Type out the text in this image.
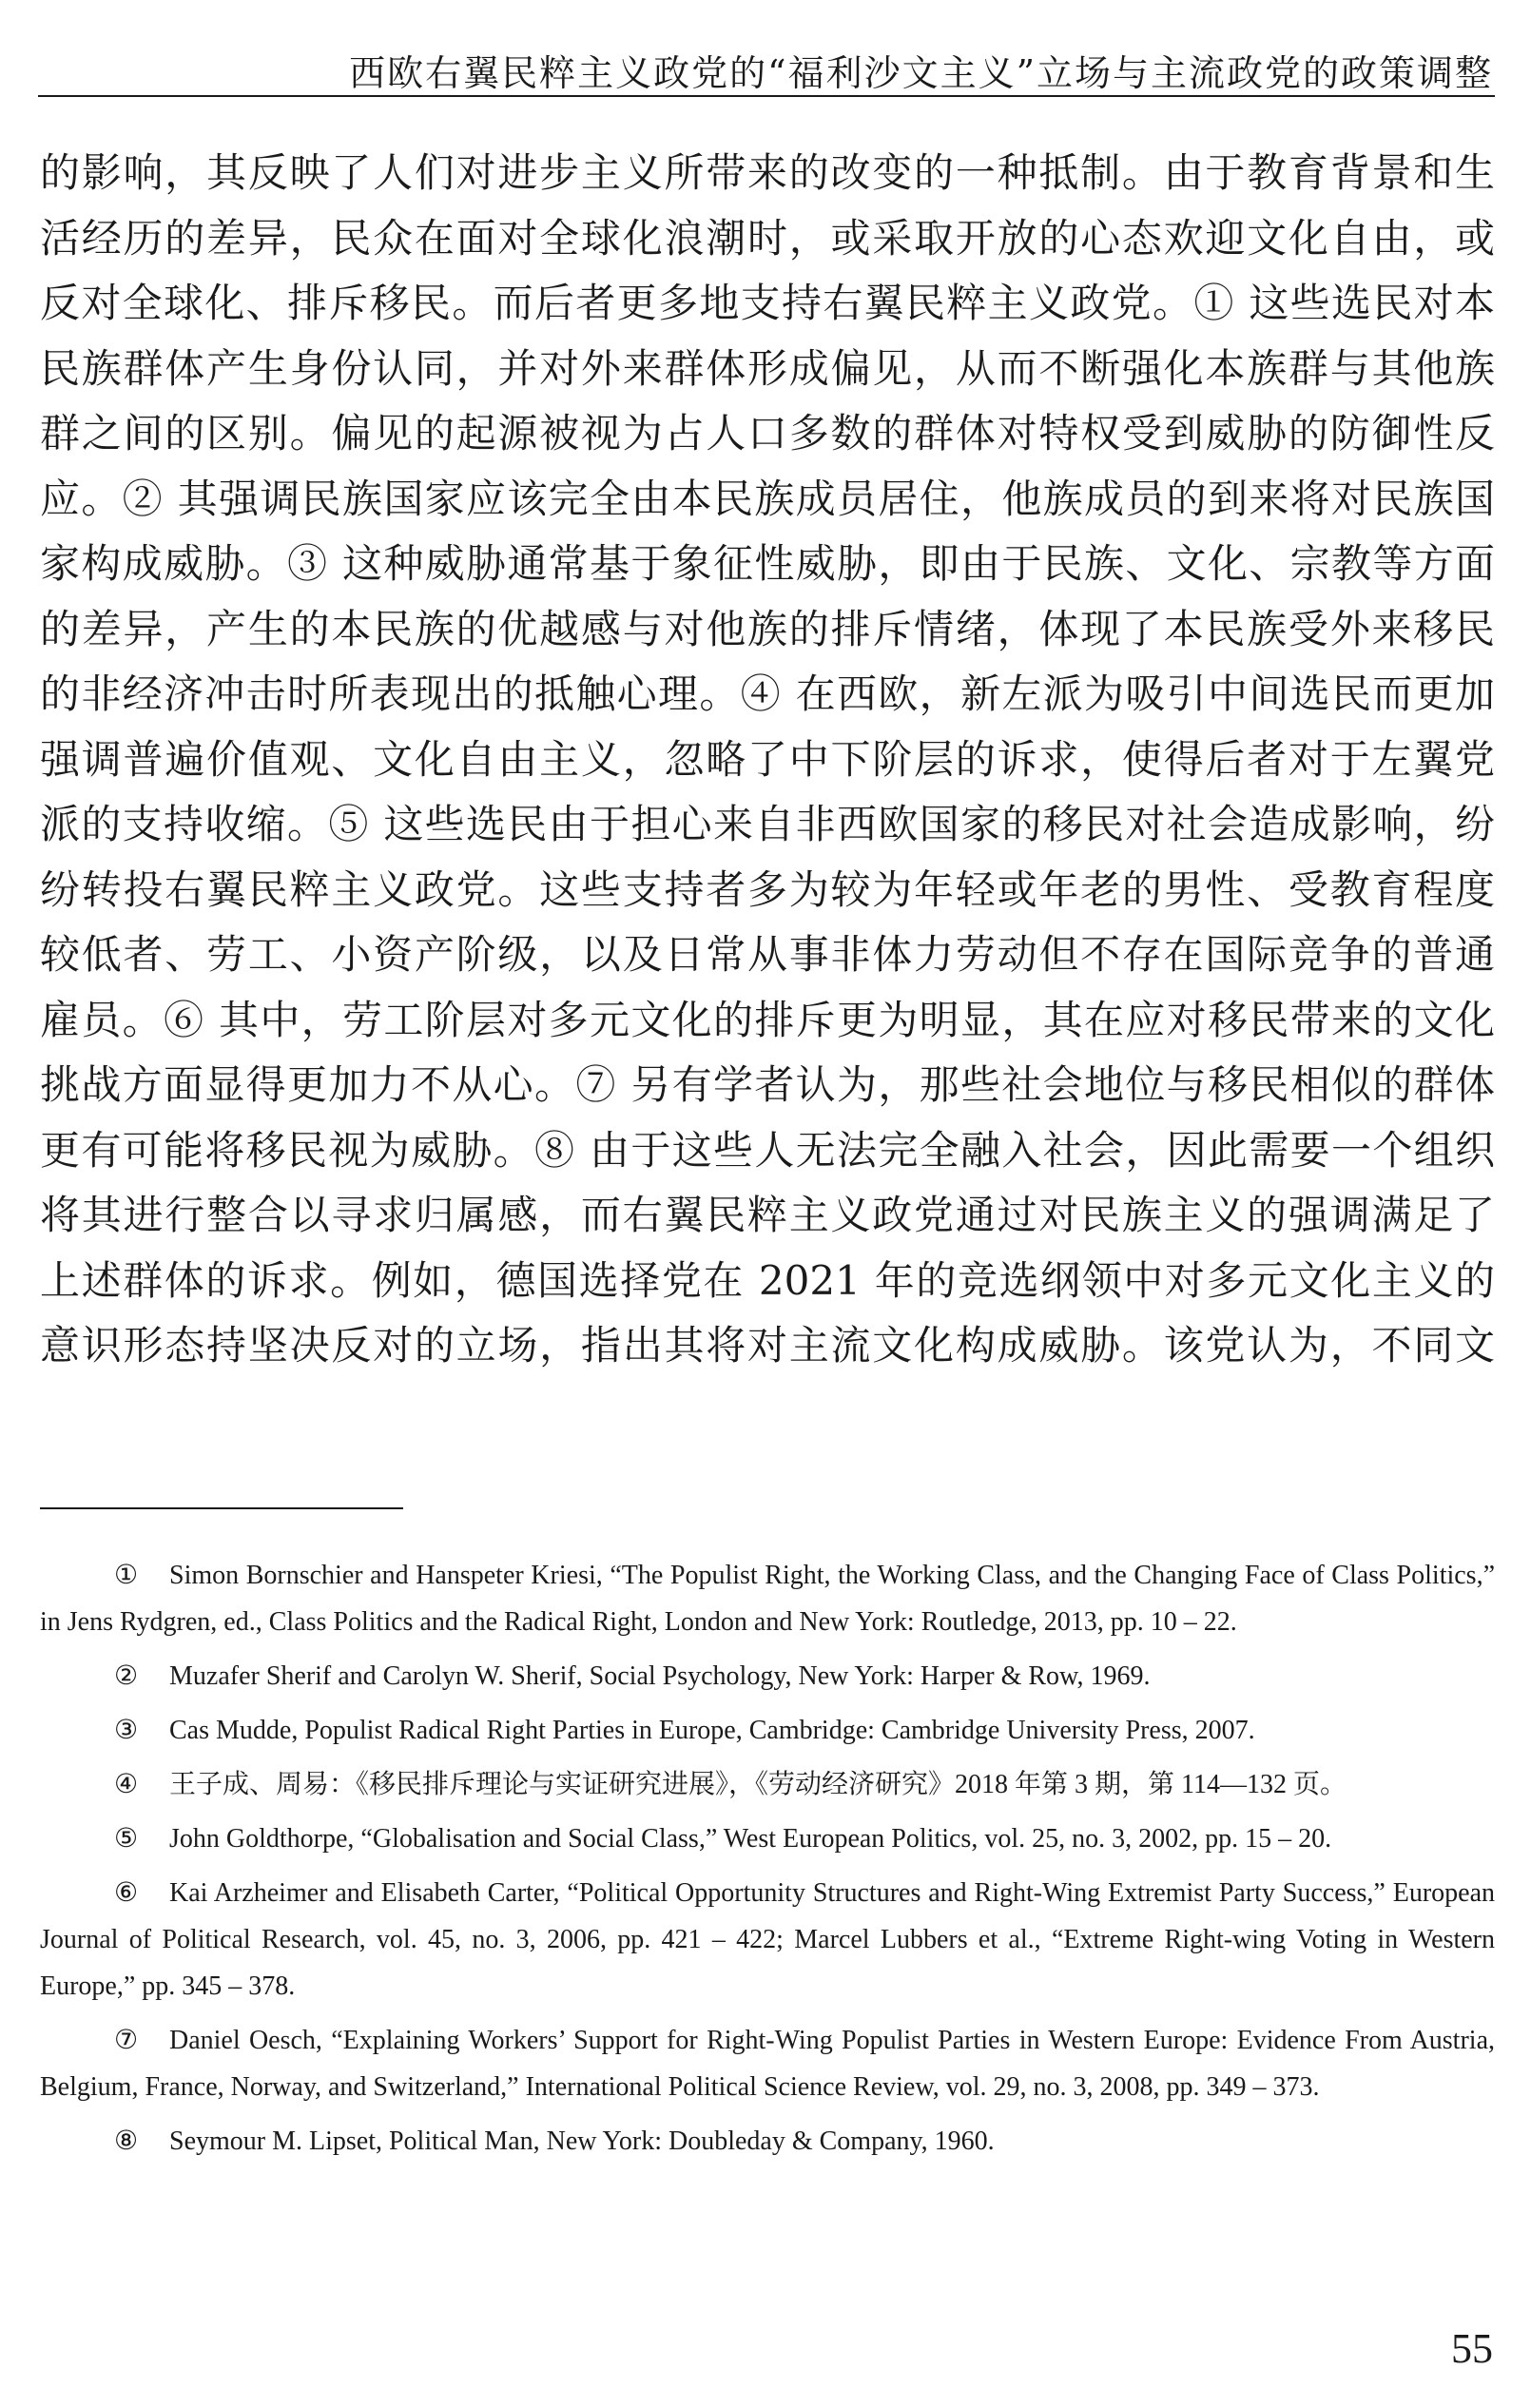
西欧右翼民粹主义政党的“福利沙文主义”立场与主流政党的政策调整
的影响，其反映了人们对进步主义所带来的改变的一种抵制。由于教育背景和生
活经历的差异，民众在面对全球化浪潮时，或采取开放的心态欢迎文化自由，或
反对全球化、排斥移民。而后者更多地支持右翼民粹主义政党。① 这些选民对本
民族群体产生身份认同，并对外来群体形成偏见，从而不断强化本族群与其他族
群之间的区别。偏见的起源被视为占人口多数的群体对特权受到威胁的防御性反
应。② 其强调民族国家应该完全由本民族成员居住，他族成员的到来将对民族国
家构成威胁。③ 这种威胁通常基于象征性威胁，即由于民族、文化、宗教等方面
的差异，产生的本民族的优越感与对他族的排斥情绪，体现了本民族受外来移民
的非经济冲击时所表现出的抵触心理。④ 在西欧，新左派为吸引中间选民而更加
强调普遍价值观、文化自由主义，忽略了中下阶层的诉求，使得后者对于左翼党
派的支持收缩。⑤ 这些选民由于担心来自非西欧国家的移民对社会造成影响，纷
纷转投右翼民粹主义政党。这些支持者多为较为年轻或年老的男性、受教育程度
较低者、劳工、小资产阶级，以及日常从事非体力劳动但不存在国际竞争的普通
雇员。⑥ 其中，劳工阶层对多元文化的排斥更为明显，其在应对移民带来的文化
挑战方面显得更加力不从心。⑦ 另有学者认为，那些社会地位与移民相似的群体
更有可能将移民视为威胁。⑧ 由于这些人无法完全融入社会，因此需要一个组织
将其进行整合以寻求归属感，而右翼民粹主义政党通过对民族主义的强调满足了
上述群体的诉求。例如，德国选择党在 2021 年的竞选纲领中对多元文化主义的
意识形态持坚决反对的立场，指出其将对主流文化构成威胁。该党认为，不同文

① Simon Bornschier and Hanspeter Kriesi, “The Populist Right, the Working Class, and the Changing Face of Class Politics,” in Jens Rydgren, ed., Class Politics and the Radical Right, London and New York: Routledge, 2013, pp. 10 – 22.

② Muzafer Sherif and Carolyn W. Sherif, Social Psychology, New York: Harper & Row, 1969.

③ Cas Mudde, Populist Radical Right Parties in Europe, Cambridge: Cambridge University Press, 2007.

④ 王子成、周易：《移民排斥理论与实证研究进展》，《劳动经济研究》2018 年第 3 期，第 114—132 页。

⑤ John Goldthorpe, “Globalisation and Social Class,” West European Politics, vol. 25, no. 3, 2002, pp. 15 – 20.

⑥ Kai Arzheimer and Elisabeth Carter, “Political Opportunity Structures and Right-Wing Extremist Party Success,” European Journal of Political Research, vol. 45, no. 3, 2006, pp. 421 – 422; Marcel Lubbers et al., “Extreme Right-wing Voting in Western Europe,” pp. 345 – 378.

⑦ Daniel Oesch, “Explaining Workers’ Support for Right-Wing Populist Parties in Western Europe: Evidence From Austria, Belgium, France, Norway, and Switzerland,” International Political Science Review, vol. 29, no. 3, 2008, pp. 349 – 373.

⑧ Seymour M. Lipset, Political Man, New York: Doubleday & Company, 1960.

55
